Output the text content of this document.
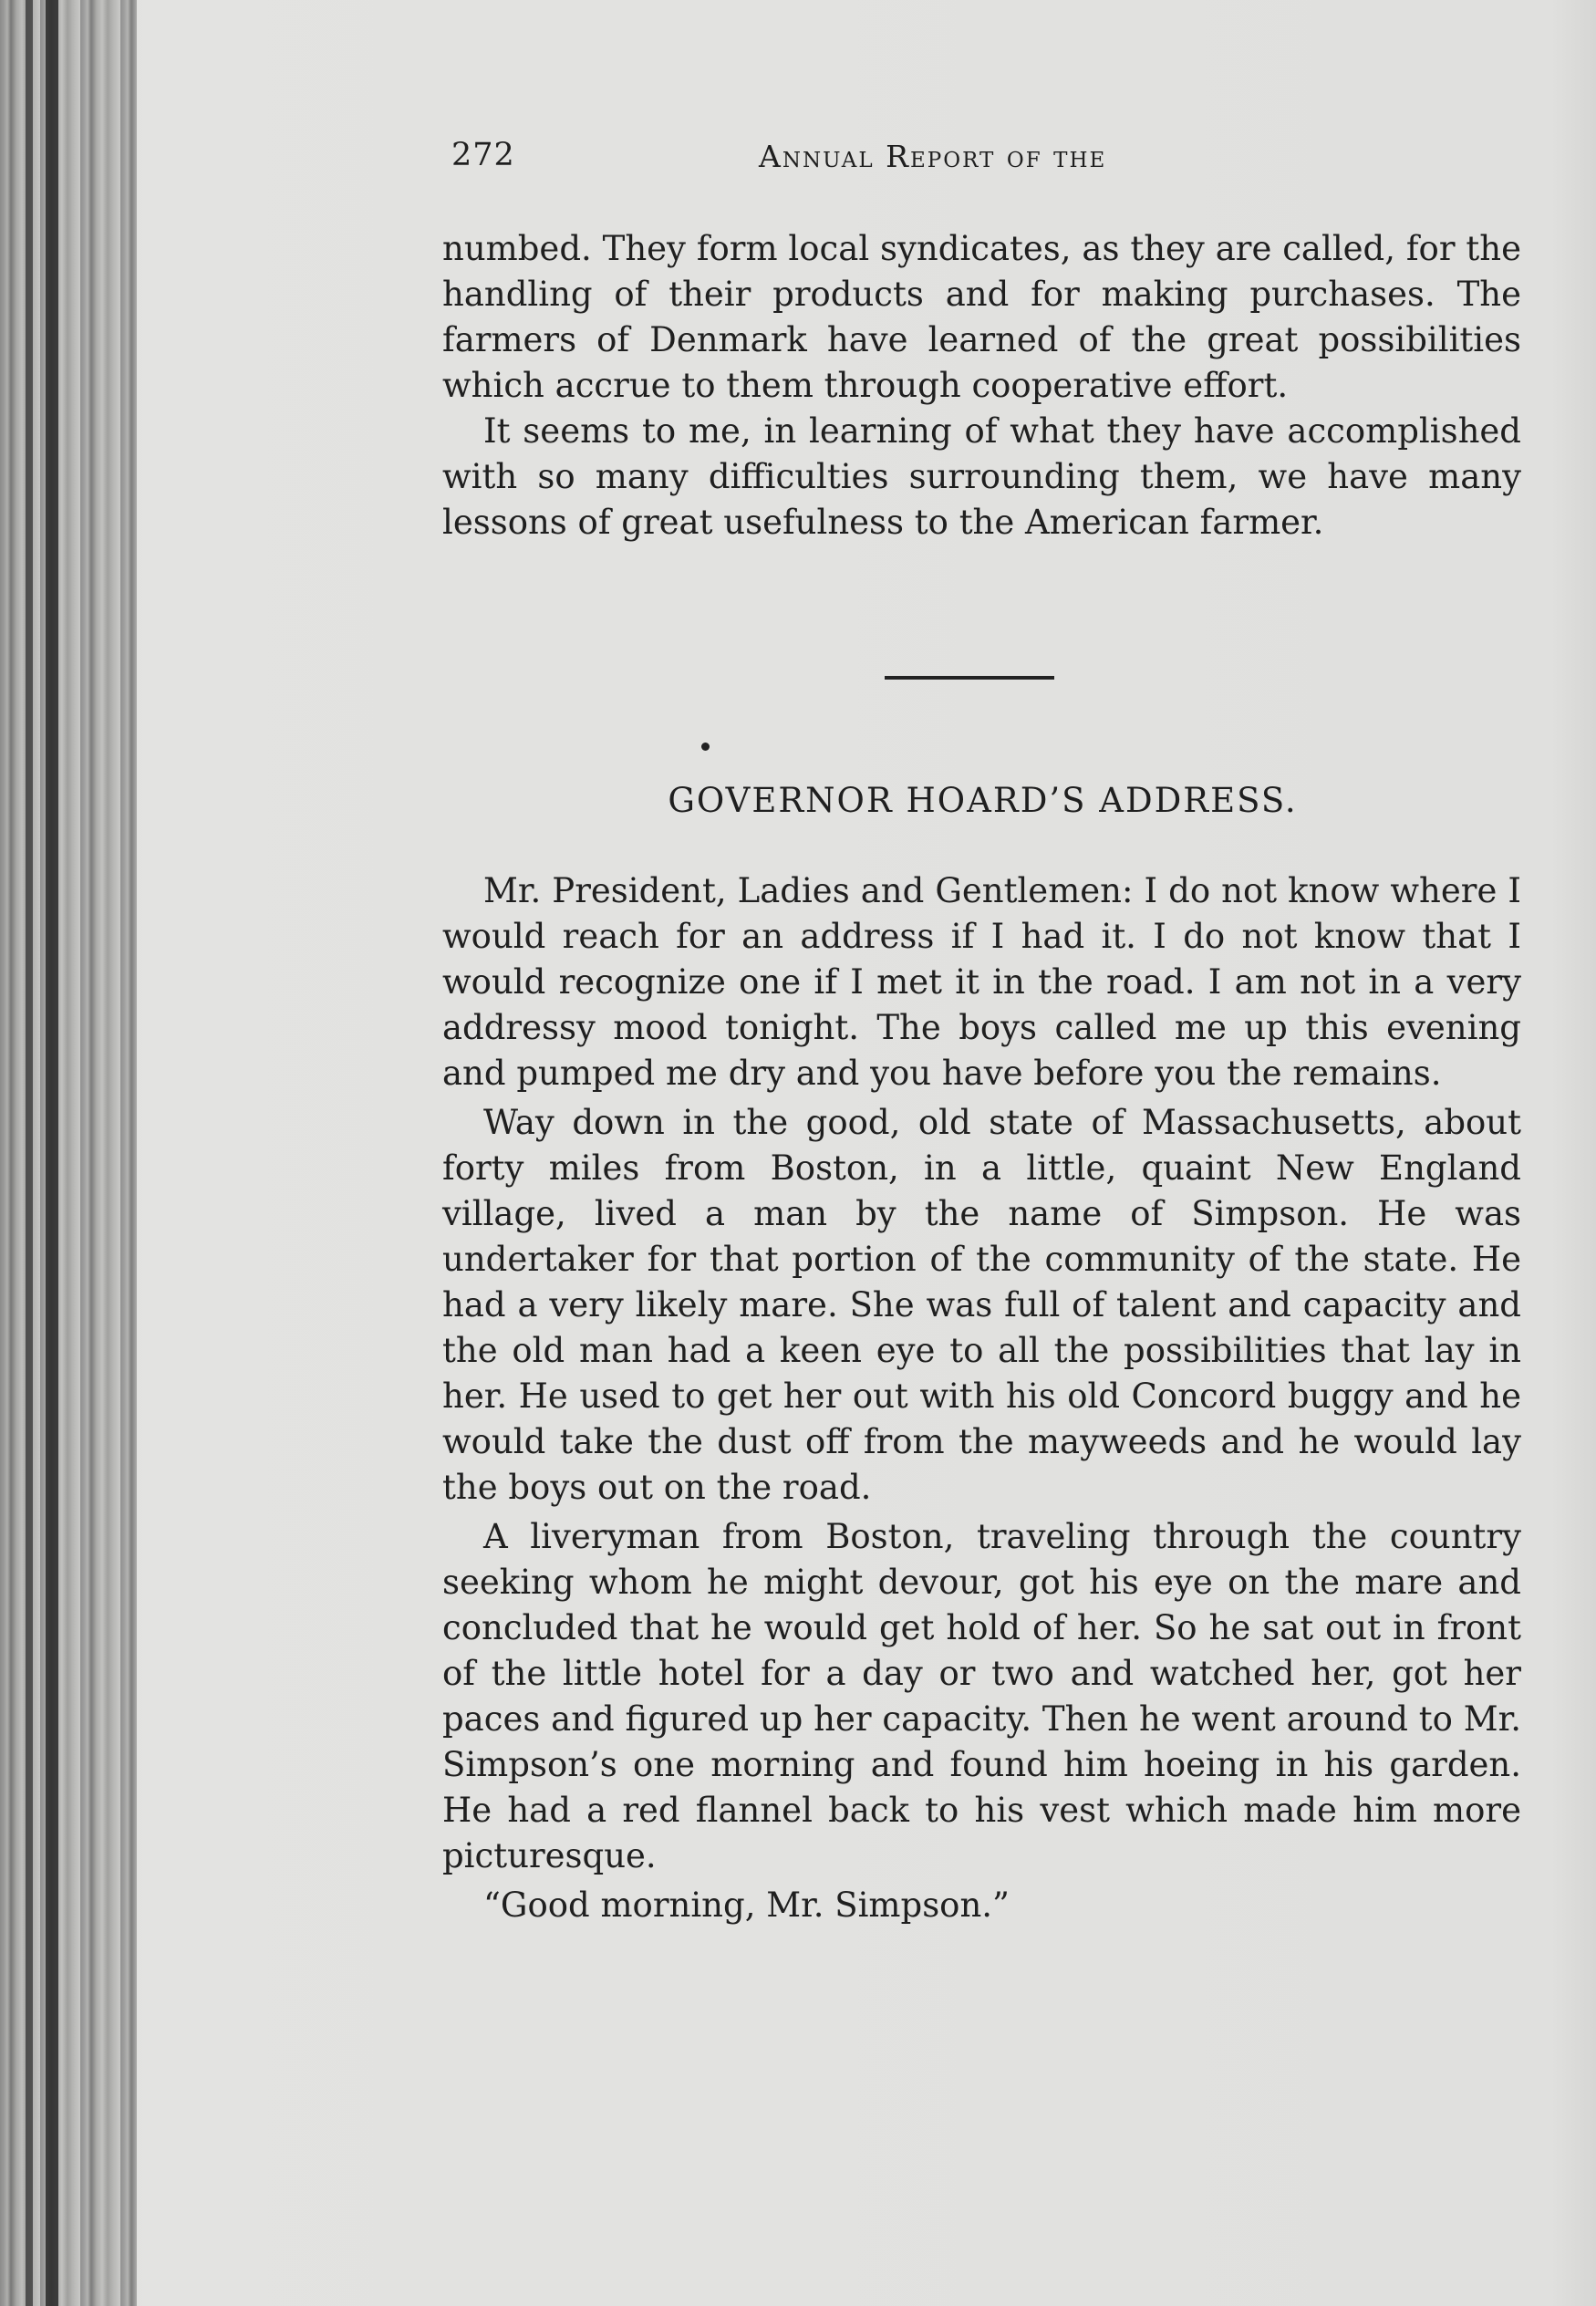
272	Annual Report of the

numbed. They form local syndicates, as they are called, for the handling of their products and for making purchases. The farmers of Denmark have learned of the great possibilities which accrue to them through cooperative effort.

It seems to me, in learning of what they have accomplished with so many difficulties surrounding them, we have many lessons of great usefulness to the American farmer.

GOVERNOR HOARD’S ADDRESS.

Mr. President, Ladies and Gentlemen: I do not know where I would reach for an address if I had it. I do not know that I would recognize one if I met it in the road. I am not in a very addressy mood tonight. The boys called me up this evening and pumped me dry and you have before you the remains.

Way down in the good, old state of Massachusetts, about forty miles from Boston, in a little, quaint New England village, lived a man by the name of Simpson. He was undertaker for that portion of the community of the state. He had a very likely mare. She was full of talent and capacity and the old man had a keen eye to all the possibilities that lay in her. He used to get her out with his old Concord buggy and he would take the dust off from the mayweeds and he would lay the boys out on the road.

A liveryman from Boston, traveling through the country seeking whom he might devour, got his eye on the mare and concluded that he would get hold of her. So he sat out in front of the little hotel for a day or two and watched her, got her paces and figured up her capacity. Then he went around to Mr. Simpson’s one morning and found him hoeing in his garden. He had a red flannel back to his vest which made him more picturesque.

“Good morning, Mr. Simpson.”
